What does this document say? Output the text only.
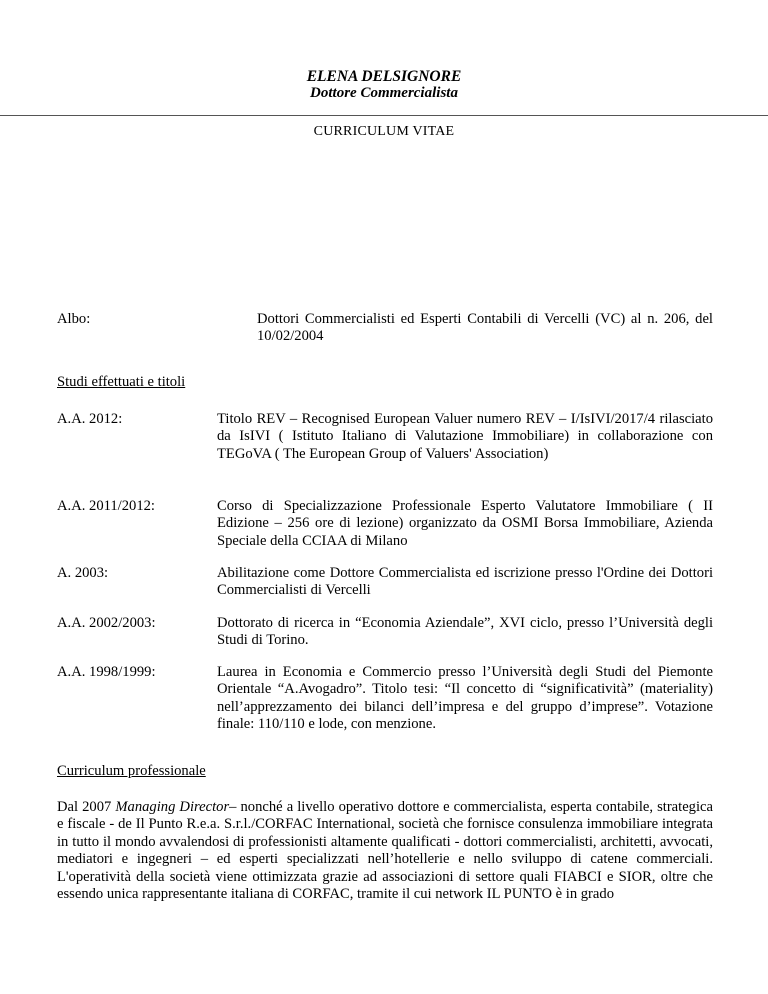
ELENA DELSIGNORE
Dottore Commercialista
CURRICULUM VITAE
Albo:	Dottori Commercialisti ed Esperti Contabili di Vercelli (VC) al n. 206, del 10/02/2004
Studi effettuati e titoli
A.A. 2012:	Titolo REV – Recognised European Valuer numero REV – I/IsIVI/2017/4 rilasciato da IsIVI ( Istituto Italiano di Valutazione Immobiliare) in collaborazione con TEGoVA ( The European Group of Valuers' Association)
A.A. 2011/2012:	Corso di Specializzazione Professionale Esperto Valutatore Immobiliare ( II Edizione – 256 ore di lezione) organizzato da OSMI Borsa Immobiliare, Azienda Speciale della CCIAA di Milano
A. 2003:	Abilitazione come Dottore Commercialista ed iscrizione presso l'Ordine dei Dottori Commercialisti di Vercelli
A.A. 2002/2003:	Dottorato di ricerca in “Economia Aziendale”, XVI ciclo, presso l’Università degli Studi di Torino.
A.A. 1998/1999:	Laurea in Economia e Commercio presso l’Università degli Studi del Piemonte Orientale “A.Avogadro”. Titolo tesi: “Il concetto di “significatività” (materiality) nell’apprezzamento dei bilanci dell’impresa e del gruppo d’imprese”. Votazione finale: 110/110 e lode, con menzione.
Curriculum professionale
Dal 2007 Managing Director– nonché a livello operativo dottore e commercialista, esperta contabile, strategica e fiscale - de Il Punto R.e.a. S.r.l./CORFAC International, società che fornisce consulenza immobiliare integrata in tutto il mondo avvalendosi di professionisti altamente qualificati - dottori commercialisti, architetti, avvocati, mediatori e ingegneri – ed esperti specializzati nell’hotellerie e nello sviluppo di catene commerciali. L'operatività della società viene ottimizzata grazie ad associazioni di settore quali FIABCI e SIOR, oltre che essendo unica rappresentante italiana di CORFAC, tramite il cui network IL PUNTO è in grado
